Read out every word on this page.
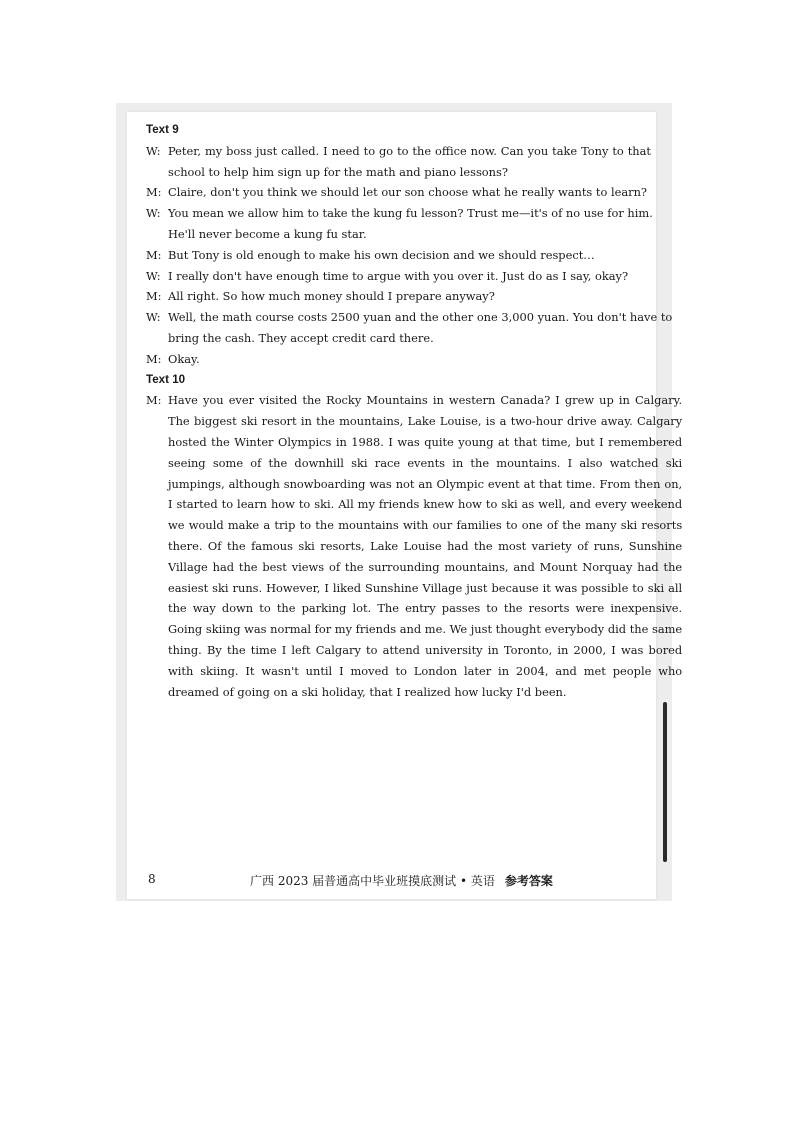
Text 9
W: Peter, my boss just called. I need to go to the office now. Can you take Tony to that
school to help him sign up for the math and piano lessons?
M: Claire, don't you think we should let our son choose what he really wants to learn?
W: You mean we allow him to take the kung fu lesson? Trust me—it's of no use for him.
He'll never become a kung fu star.
M: But Tony is old enough to make his own decision and we should respect…
W: I really don't have enough time to argue with you over it. Just do as I say, okay?
M: All right. So how much money should I prepare anyway?
W: Well, the math course costs 2500 yuan and the other one 3,000 yuan. You don't have to
bring the cash. They accept credit card there.
M: Okay.
Text 10
M: Have you ever visited the Rocky Mountains in western Canada? I grew up in Calgary.
The biggest ski resort in the mountains, Lake Louise, is a two-hour drive away. Calgary
hosted the Winter Olympics in 1988. I was quite young at that time, but I remembered
seeing some of the downhill ski race events in the mountains. I also watched ski
jumpings, although snowboarding was not an Olympic event at that time. From then on,
I started to learn how to ski. All my friends knew how to ski as well, and every weekend
we would make a trip to the mountains with our families to one of the many ski resorts
there. Of the famous ski resorts, Lake Louise had the most variety of runs, Sunshine
Village had the best views of the surrounding mountains, and Mount Norquay had the
easiest ski runs. However, I liked Sunshine Village just because it was possible to ski all
the way down to the parking lot. The entry passes to the resorts were inexpensive.
Going skiing was normal for my friends and me. We just thought everybody did the same
thing. By the time I left Calgary to attend university in Toronto, in 2000, I was bored
with skiing. It wasn't until I moved to London later in 2004, and met people who
dreamed of going on a ski holiday, that I realized how lucky I'd been.
8	广西 2023 届普通高中毕业班摸底测试 • 英语 参考答案
